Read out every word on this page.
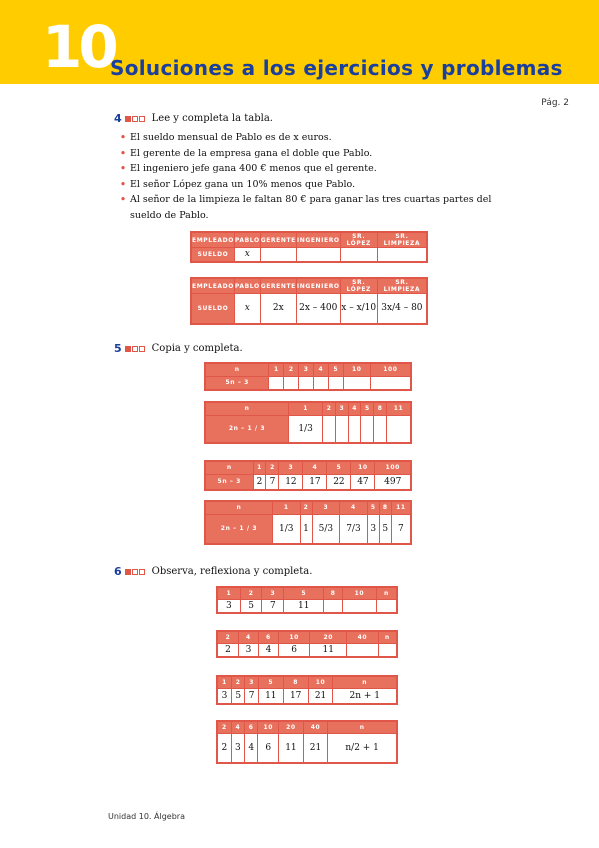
10
Soluciones a los ejercicios y problemas
Pág. 2
4	Lee y completa la tabla.
• El sueldo mensual de Pablo es de x euros.
• El gerente de la empresa gana el doble que Pablo.
• El ingeniero jefe gana 400 € menos que el gerente.
• El señor López gana un 10% menos que Pablo.
• Al señor de la limpieza le faltan 80 € para ganar las tres cuartas partes del sueldo de Pablo.
EMPLEADO	PABLO	GERENTE	INGENIERO	SR. LÓPEZ	SR. LIMPIEZA
SUELDO	x				
EMPLEADO	PABLO	GERENTE	INGENIERO	SR. LÓPEZ	SR. LIMPIEZA
SUELDO	x	2x	2x – 400	x – x/10	3x/4 – 80
5	Copia y completa.
n	1	2	3	4	5	10	100
5n – 3							
n	1	2	3	4	5	8	11
2n – 1 / 3	1/3						
n	1	2	3	4	5	10	100
5n – 3	2	7	12	17	22	47	497
n	1	2	3	4	5	8	11
2n – 1 / 3	1/3	1	5/3	7/3	3	5	7
6	Observa, reflexiona y completa.
1	2	3	5	8	10	n
3	5	7	11			
2	4	6	10	20	40	n
2	3	4	6	11		
1	2	3	5	8	10	n
3	5	7	11	17	21	2n + 1
2	4	6	10	20	40	n
2	3	4	6	11	21	n/2 + 1
Unidad 10. Álgebra
